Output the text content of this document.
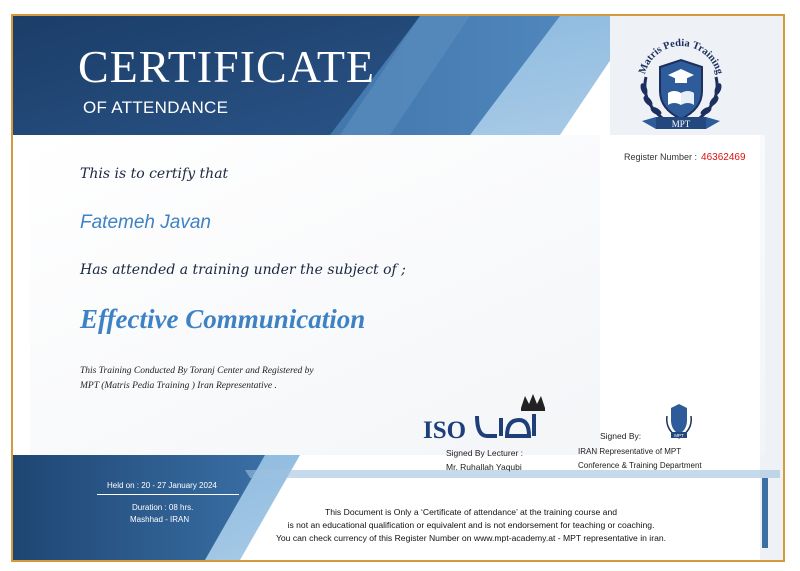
CERTIFICATE
OF ATTENDANCE
Matris Pedia Training
MPT
Register Number : 46362469
This is to certify that
Fatemeh Javan
Has attended a training under the subject of ;
Effective Communication
This Training Conducted By Toranj Center and Registered by
MPT (Matris Pedia Training ) Iran Representative .
ISO
Signed By Lecturer :
Mr. Ruhallah Yaqubi
MPT
Signed By:
IRAN Representative of MPT
Conference & Training Department
Held on : 20 - 27 January 2024
Duration : 08 hrs.
Mashhad - IRAN
This Document is Only a ‘Certificate of attendance’ at the training course and
is not an educational qualification or equivalent and is not endorsement for teaching or coaching.
You can check currency of this Register Number on www.mpt-academy.at - MPT representative in iran.
